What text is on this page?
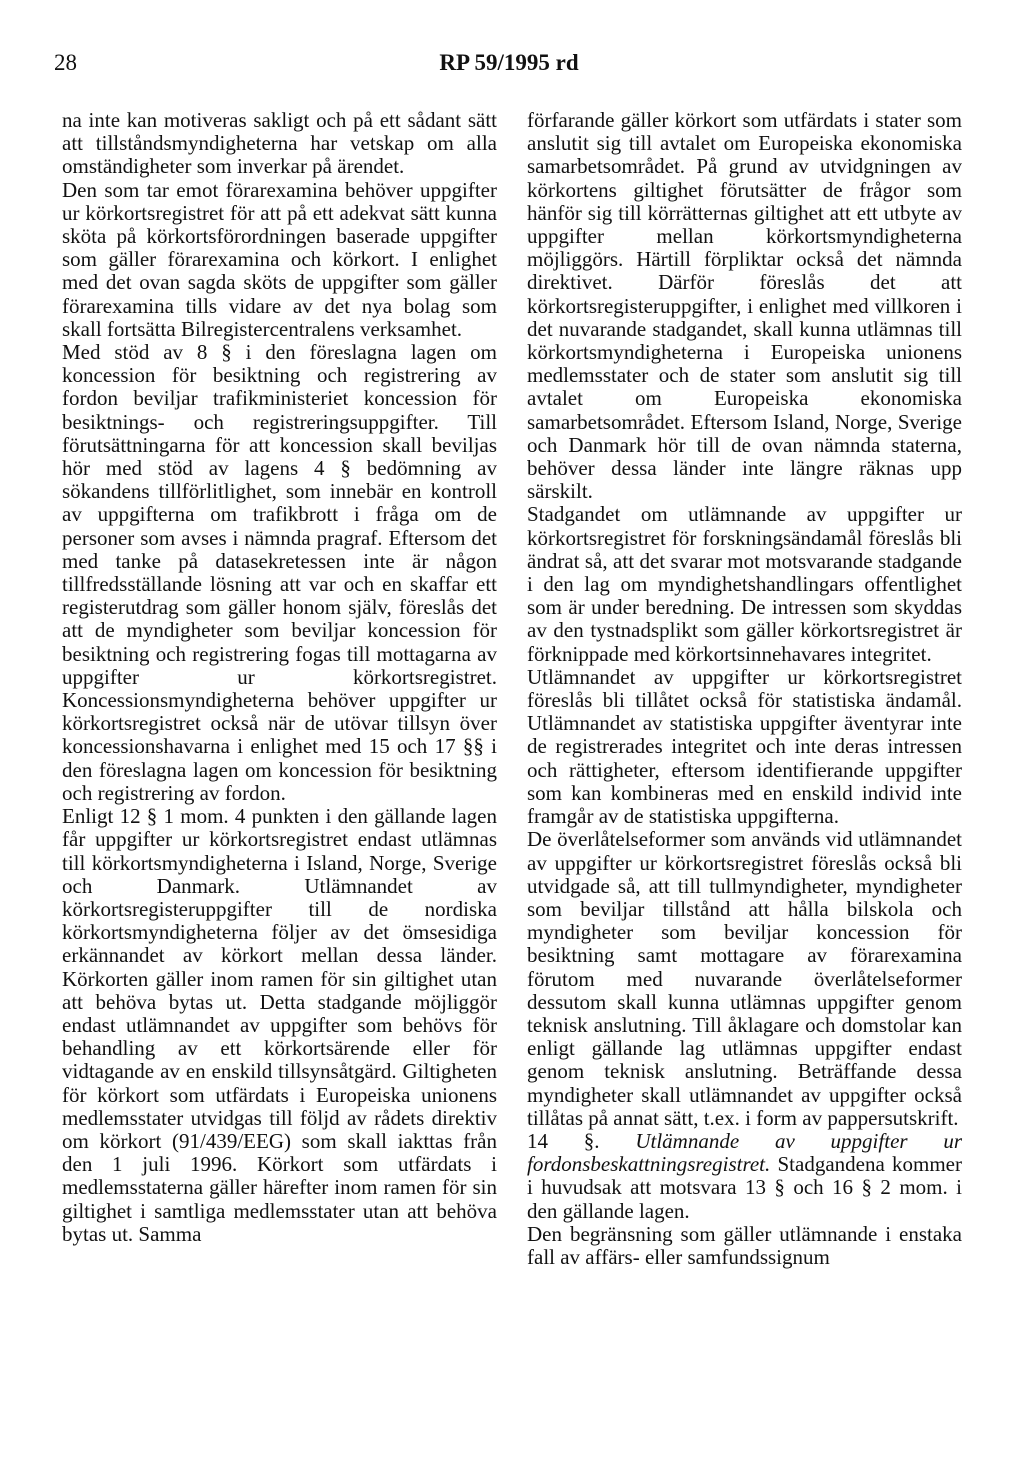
28	RP 59/1995 rd

na inte kan motiveras sakligt och på ett sådant sätt att tillståndsmyndigheterna har vetskap om alla omständigheter som inverkar på ärendet.

Den som tar emot förarexamina behöver uppgifter ur körkortsregistret för att på ett adekvat sätt kunna sköta på körkortsförordningen baserade uppgifter som gäller förarexamina och körkort. I enlighet med det ovan sagda sköts de uppgifter som gäller förarexamina tills vidare av det nya bolag som skall fortsätta Bilregistercentralens verksamhet.

Med stöd av 8 § i den föreslagna lagen om koncession för besiktning och registrering av fordon beviljar trafikministeriet koncession för besiktnings- och registreringsuppgifter. Till förutsättningarna för att koncession skall beviljas hör med stöd av lagens 4 § bedömning av sökandens tillförlitlighet, som innebär en kontroll av uppgifterna om trafikbrott i fråga om de personer som avses i nämnda pragraf. Eftersom det med tanke på datasekretessen inte är någon tillfredsställande lösning att var och en skaffar ett registerutdrag som gäller honom själv, föreslås det att de myndigheter som beviljar koncession för besiktning och registrering fogas till mottagarna av uppgifter ur körkortsregistret. Koncessionsmyndigheterna behöver uppgifter ur körkortsregistret också när de utövar tillsyn över koncessionshavarna i enlighet med 15 och 17 §§ i den föreslagna lagen om koncession för besiktning och registrering av fordon.

Enligt 12 § 1 mom. 4 punkten i den gällande lagen får uppgifter ur körkortsregistret endast utlämnas till körkortsmyndigheterna i Island, Norge, Sverige och Danmark. Utlämnandet av körkortsregisteruppgifter till de nordiska körkortsmyndigheterna följer av det ömsesidiga erkännandet av körkort mellan dessa länder. Körkorten gäller inom ramen för sin giltighet utan att behöva bytas ut. Detta stadgande möjliggör endast utlämnandet av uppgifter som behövs för behandling av ett körkortsärende eller för vidtagande av en enskild tillsynsåtgärd. Giltigheten för körkort som utfärdats i Europeiska unionens medlemsstater utvidgas till följd av rådets direktiv om körkort (91/439/EEG) som skall iakttas från den 1 juli 1996. Körkort som utfärdats i medlemsstaterna gäller härefter inom ramen för sin giltighet i samtliga medlemsstater utan att behöva bytas ut. Samma

förfarande gäller körkort som utfärdats i stater som anslutit sig till avtalet om Europeiska ekonomiska samarbetsområdet. På grund av utvidgningen av körkortens giltighet förutsätter de frågor som hänför sig till körrätternas giltighet att ett utbyte av uppgifter mellan körkortsmyndigheterna möjliggörs. Härtill förpliktar också det nämnda direktivet. Därför föreslås det att körkortsregisteruppgifter, i enlighet med villkoren i det nuvarande stadgandet, skall kunna utlämnas till körkortsmyndigheterna i Europeiska unionens medlemsstater och de stater som anslutit sig till avtalet om Europeiska ekonomiska samarbetsområdet. Eftersom Island, Norge, Sverige och Danmark hör till de ovan nämnda staterna, behöver dessa länder inte längre räknas upp särskilt.

Stadgandet om utlämnande av uppgifter ur körkortsregistret för forskningsändamål föreslås bli ändrat så, att det svarar mot motsvarande stadgande i den lag om myndighetshandlingars offentlighet som är under beredning. De intressen som skyddas av den tystnadsplikt som gäller körkortsregistret är förknippade med körkortsinnehavares integritet.

Utlämnandet av uppgifter ur körkortsregistret föreslås bli tillåtet också för statistiska ändamål. Utlämnandet av statistiska uppgifter äventyrar inte de registrerades integritet och inte deras intressen och rättigheter, eftersom identifierande uppgifter som kan kombineras med en enskild individ inte framgår av de statistiska uppgifterna.

De överlåtelseformer som används vid utlämnandet av uppgifter ur körkortsregistret föreslås också bli utvidgade så, att till tullmyndigheter, myndigheter som beviljar tillstånd att hålla bilskola och myndigheter som beviljar koncession för besiktning samt mottagare av förarexamina förutom med nuvarande överlåtelseformer dessutom skall kunna utlämnas uppgifter genom teknisk anslutning. Till åklagare och domstolar kan enligt gällande lag utlämnas uppgifter endast genom teknisk anslutning. Beträffande dessa myndigheter skall utlämnandet av uppgifter också tillåtas på annat sätt, t.ex. i form av pappersutskrift.

14 §. Utlämnande av uppgifter ur fordonsbeskattningsregistret. Stadgandena kommer i huvudsak att motsvara 13 § och 16 § 2 mom. i den gällande lagen.

Den begränsning som gäller utlämnande i enstaka fall av affärs- eller samfundssignum
